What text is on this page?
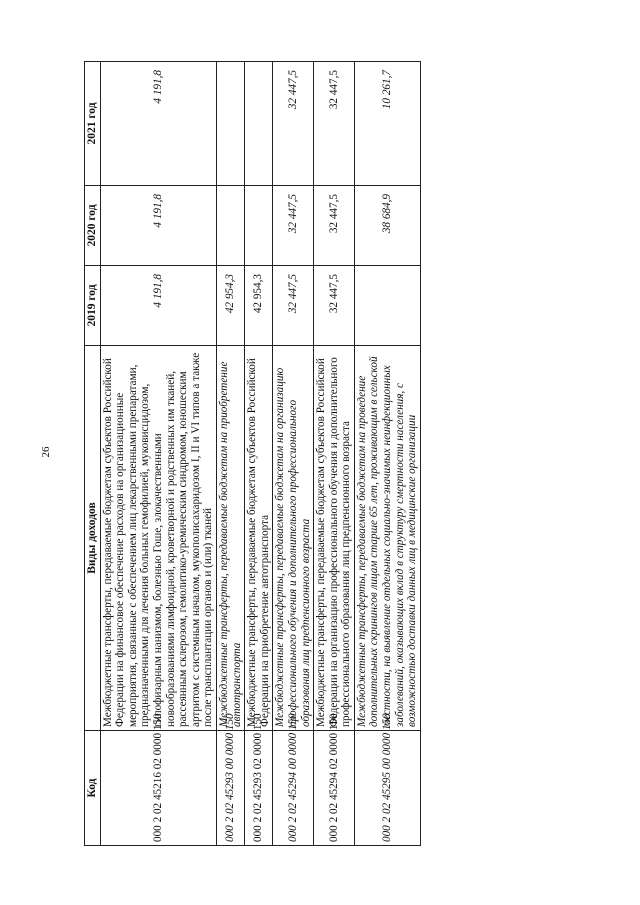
26
Код	Виды доходов	2019 год	2020 год	2021 год
000 2 02 45216 02 0000 150	Межбюджетные трансферты, передаваемые бюджетам субъектов Российской Федерации на финансовое обеспечение расходов на организационные мероприятия, связанные с обеспечением лиц лекарственными препаратами, предназначенными для лечения больных гемофилией, муковисцидозом, гипофизарным нанизмом, болезнью Гоше, злокачественными новообразованиями лимфоидной, кроветворной и родственных им тканей, рассеянным склерозом, гемолитико-уремическим синдромом, юношеским артритом с системным началом, мукополисахаридозом I, II и VI типов а также после трансплантации органов и (или) тканей	4 191,8	4 191,8	4 191,8
000 2 02 45293 00 0000 150	Межбюджетные трансферты, передаваемые бюджетам на приобретение автотранспорта	42 954,3		
000 2 02 45293 02 0000 150	Межбюджетные трансферты, передаваемые бюджетам субъектов Российской Федерации на приобретение автотранспорта	42 954,3		
000 2 02 45294 00 0000 150	Межбюджетные трансферты, передаваемые бюджетам на организацию профессионального обучения и дополнительного профессионального образования лиц предпенсионного возраста	32 447,5	32 447,5	32 447,5
000 2 02 45294 02 0000 150	Межбюджетные трансферты, передаваемые бюджетам субъектов Российской Федерации на организацию профессионального обучения и дополнительного профессионального образования лиц предпенсионного возраста	32 447,5	32 447,5	32 447,5
000 2 02 45295 00 0000 150	Межбюджетные трансферты, передаваемые бюджетам на проведение дополнительных скринингов лицам старше 65 лет, проживающим в сельской местности, на выявление отдельных социально-значимых неинфекционных заболеваний, оказывающих вклад в структуру смертности населения, с возможностью доставки данных лиц в медицинские организации		38 684,9	10 261,7
